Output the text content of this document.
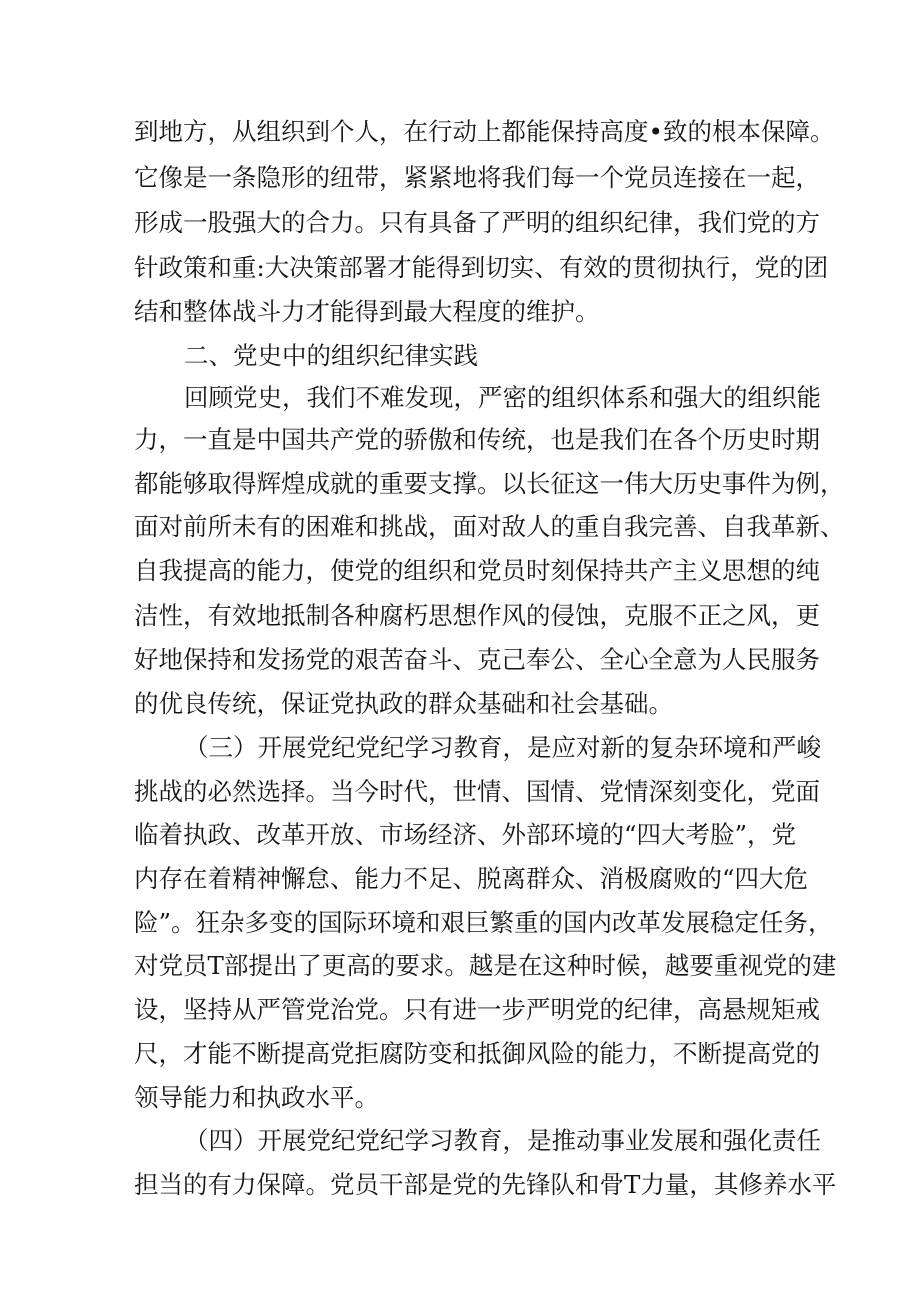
到地方，从组织到个人，在行动上都能保持高度•致的根本保障。
它像是一条隐形的纽带，紧紧地将我们每一个党员连接在一起，
形成一股强大的合力。只有具备了严明的组织纪律，我们党的方
针政策和重:大决策部署才能得到切实、有效的贯彻执行，党的团
结和整体战斗力才能得到最大程度的维护。
二、党史中的组织纪律实践
回顾党史，我们不难发现，严密的组织体系和强大的组织能
力，一直是中国共产党的骄傲和传统，也是我们在各个历史时期
都能够取得辉煌成就的重要支撑。以长征这一伟大历史事件为例，
面对前所未有的困难和挑战，面对敌人的重自我完善、自我革新、
自我提高的能力，使党的组织和党员时刻保持共产主义思想的纯
洁性，有效地抵制各种腐朽思想作风的侵蚀，克服不正之风，更
好地保持和发扬党的艰苦奋斗、克己奉公、全心全意为人民服务
的优良传统，保证党执政的群众基础和社会基础。
（三）开展党纪党纪学习教育，是应对新的复杂环境和严峻
挑战的必然选择。当今时代，世情、国情、党情深刻变化，党面
临着执政、改革开放、市场经济、外部环境的“四大考脸”，党
内存在着精神懈怠、能力不足、脱离群众、消极腐败的“四大危
险”。狂杂多变的国际环境和艰巨繁重的国内改革发展稳定任务，
对党员T部提出了更高的要求。越是在这种时候，越要重视党的建
设，坚持从严管党治党。只有进一步严明党的纪律，高悬规矩戒
尺，才能不断提高党拒腐防变和抵御风险的能力，不断提高党的
领导能力和执政水平。
（四）开展党纪党纪学习教育，是推动事业发展和强化责任
担当的有力保障。党员干部是党的先锋队和骨T力量，其修养水平
